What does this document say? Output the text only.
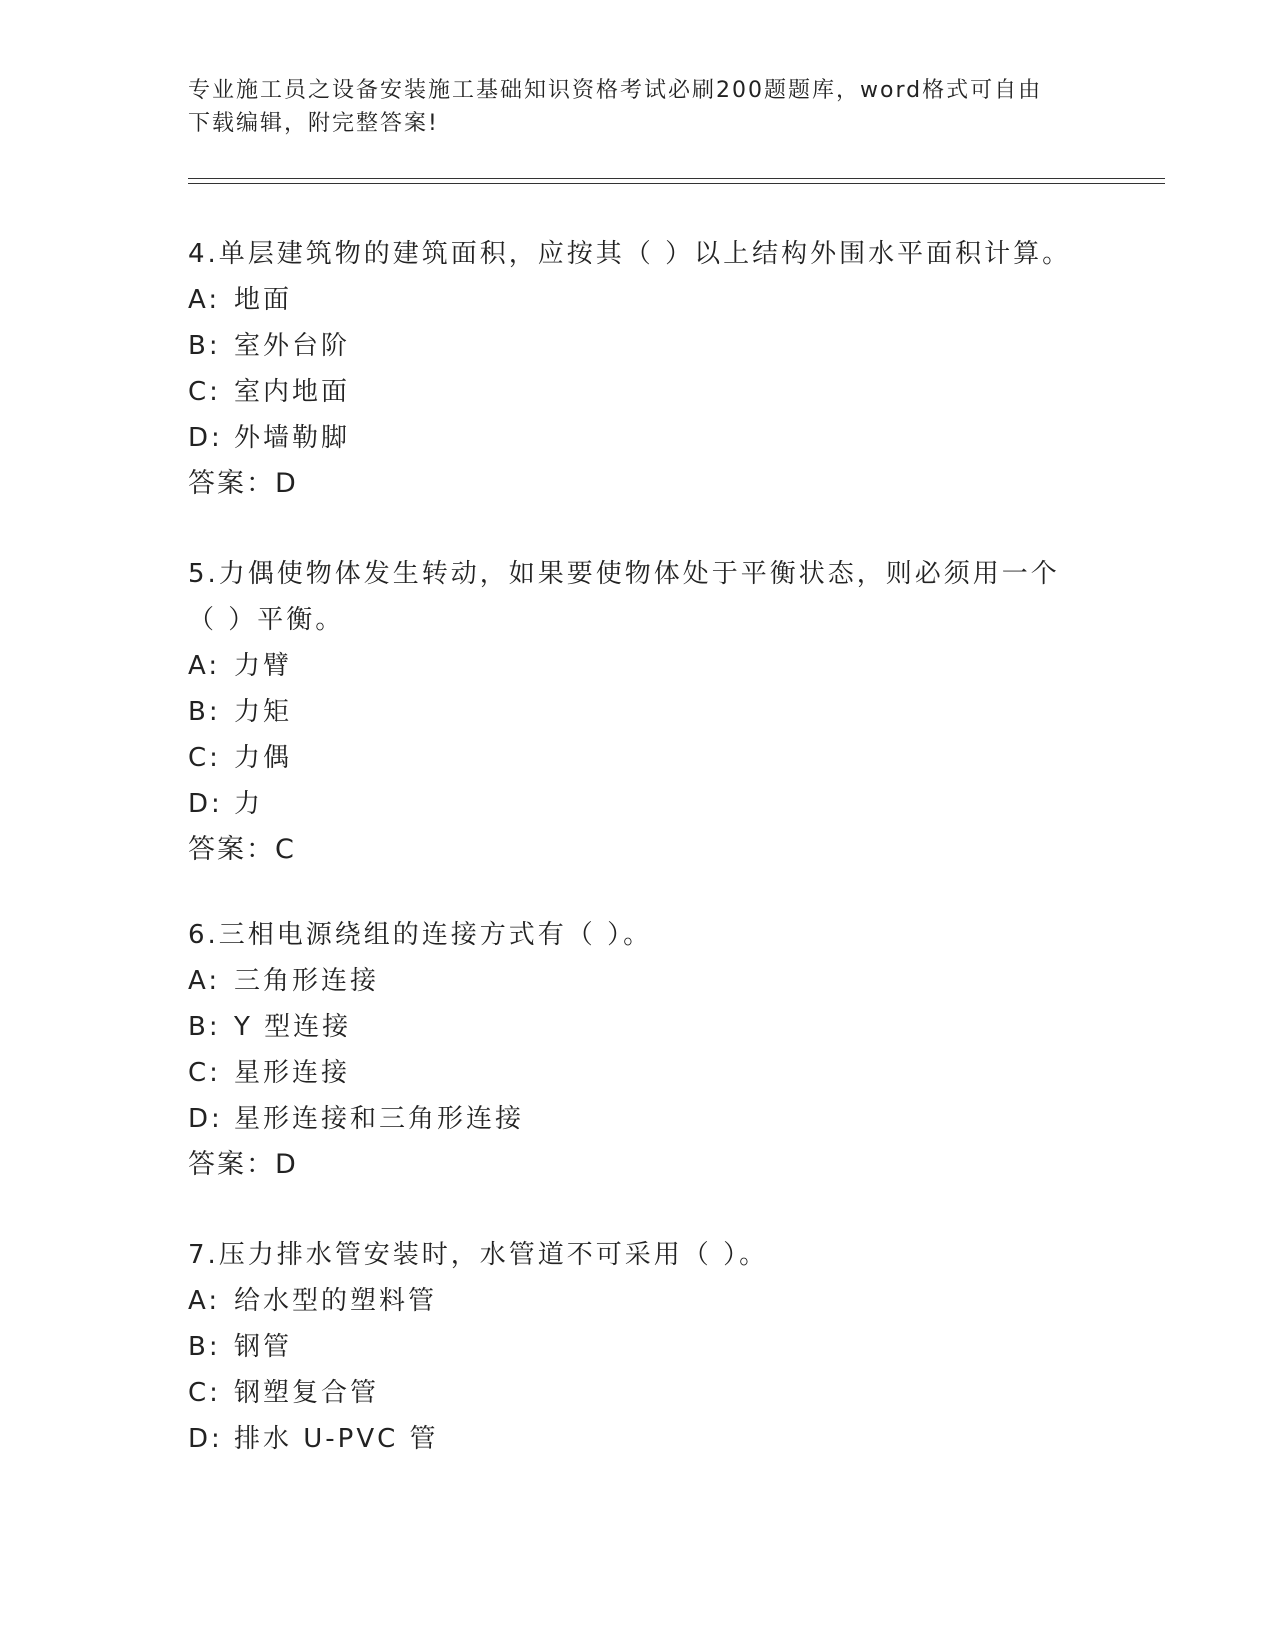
专业施工员之设备安装施工基础知识资格考试必刷200题题库，word格式可自由
下载编辑，附完整答案!
4.单层建筑物的建筑面积，应按其（ ）以上结构外围水平面积计算。
A: 地面
B: 室外台阶
C: 室内地面
D: 外墙勒脚
答案：D
5.力偶使物体发生转动，如果要使物体处于平衡状态，则必须用一个
（ ）平衡。
A: 力臂
B: 力矩
C: 力偶
D: 力
答案：C
6.三相电源绕组的连接方式有（ ）。
A: 三角形连接
B: Y 型连接
C: 星形连接
D: 星形连接和三角形连接
答案：D
7.压力排水管安装时，水管道不可采用（ ）。
A: 给水型的塑料管
B: 钢管
C: 钢塑复合管
D: 排水 U-PVC 管
